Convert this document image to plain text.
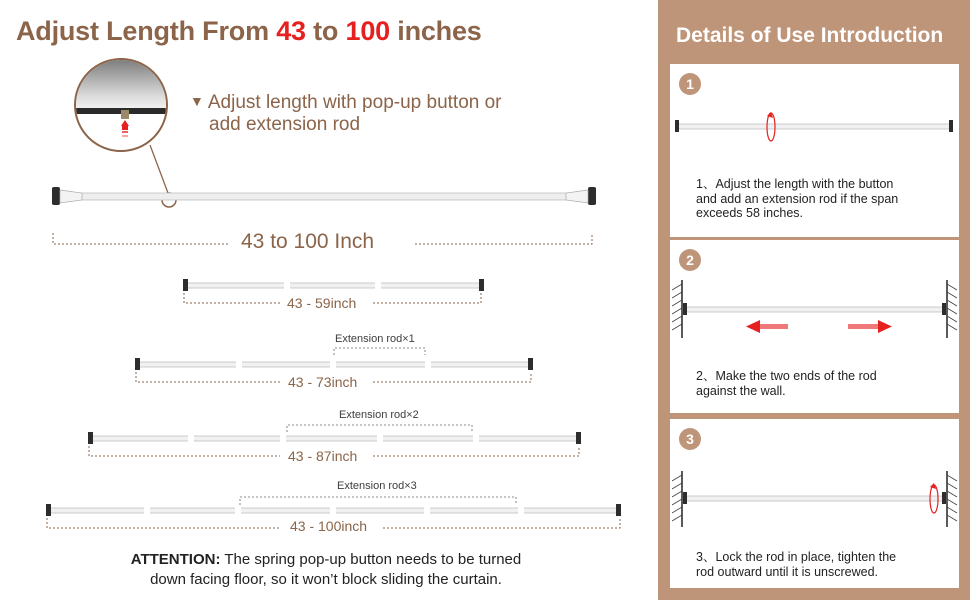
Adjust Length From 43 to 100 inches
▼ Adjust length with pop-up button or
add extension rod
43 to 100 Inch
43 - 59inch
Extension rod×1
43 - 73inch
Extension rod×2
43 - 87inch
Extension rod×3
43 - 100inch
ATTENTION: The spring pop-up button needs to be turned
down facing floor, so it won’t block sliding the curtain.
Details of Use Introduction
1
1、Adjust the length with the button
and add an extension rod if the span
exceeds 58 inches.
2
2、Make the two ends of the rod
against the wall.
3
3、Lock the rod in place, tighten the
rod outward until it is unscrewed.
